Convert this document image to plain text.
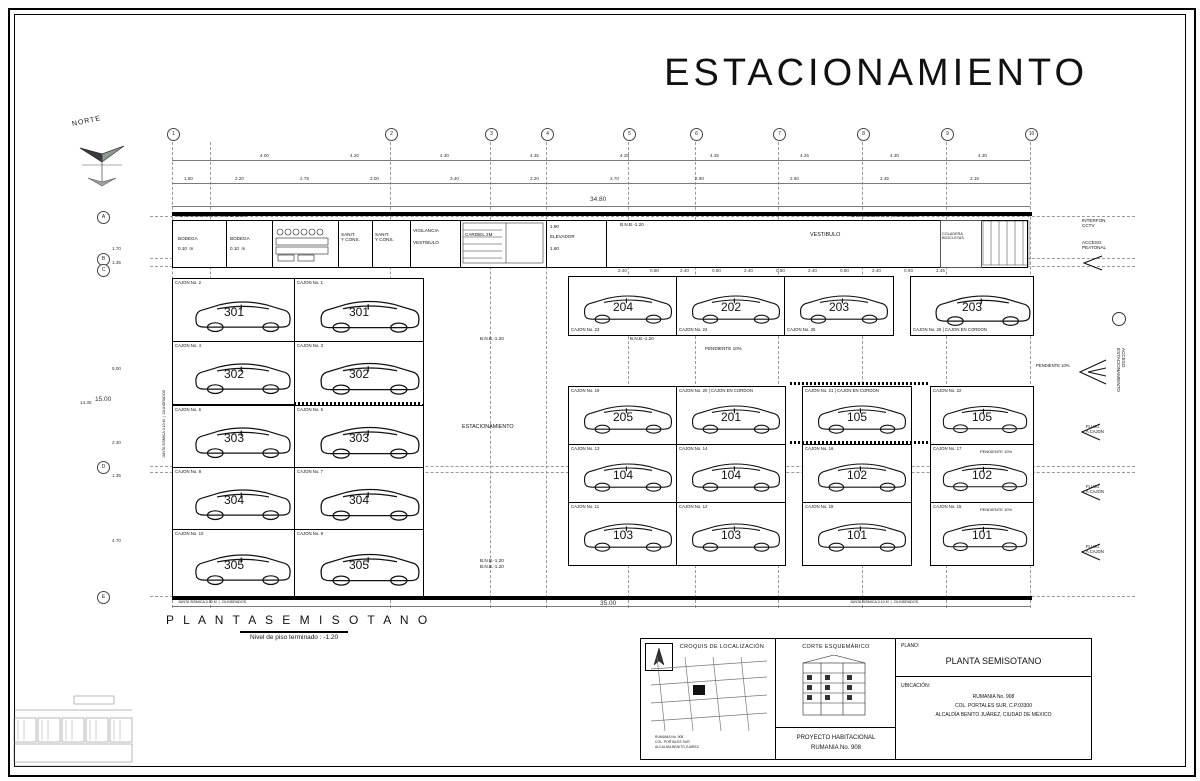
ESTACIONAMIENTO
NORTE
1	2	3	4	5	6	7	8	9	10
A
B
C
D
E
4.00	4.20	4.30	4.35	4.25	4.35	4.25	4.30	4.30
1.80	2.20	2.78	3.00	3.40	2.20	2.70	2.90	2.60	2.45	2.15
34.80
1.70
1.35
5.00
2.30
1.35
4.70
14.35 15.00
35.00
JUNTA SÍSMICA 0.10 M  |  CILINDRADOS	JUNTA SÍSMICA 0.10 M  |  CILINDRADOS
BODEGA
0.10  m
BODEGA
0.10  m
SANIT.
Y CONS.
SANIT.
Y CONS.
VIGILANCIA
VESTIBULO
CARDIEL 2M	ELEVADOR
1.90
1.60
VESTIBULO
B.N.B.-1.20
COLADERA
BICICLETAS
2.40	0.80	2.40	0.80	2.40	0.80	2.40	0.80	2.40	0.93	2.45
CAJON No. 2
301
CAJON No. 1
301
CAJON No. 4
302
CAJON No. 3
302
CAJON No. 6
303
CAJON No. 5
303
CAJON No. 8
304
CAJON No. 7
304
CAJON No. 10
305
CAJON No. 9
305
ESTACIONAMIENTO
B.N.B.-1.20
B.N.B.-1.20
B.N.B.-1.20
CAJON No. 23
204
CAJON No. 24
202
CAJON No. 25
203
CAJON No. 26 | CAJON EN CORDON
203
PENDIENTE 10%
CAJON No. 19
205
CAJON No. 20 | CAJON EN CORDON
201
CAJON No. 21 | CAJON EN CORDON
105
CAJON No. 22
105
CAJON No. 13
104
CAJON No. 14
104
CAJON No. 16
102
CAJON No. 17
102
PENDIENTE 10%
CAJON No. 11
103
CAJON No. 12
103
CAJON No. 18
101
CAJON No. 15
101
PENDIENTE 10%
JUNTA SÍSMICA 0.10 M  |  CILINDRADOS	JUNTA SÍSMICA 0.10 M  |  CILINDRADOS
JUNTA SÍSMICA 0.10 M  |  CILINDRADOS
B.N.B.-1.20
INTERFON
CCTV
ACCESO
PEATONAL
ACCESO
ESTACIONAMIENTO
PENDIENTE 10%
FLUJO
A CAJON
FLUJO
A CAJON
FLUJO
A CAJON
P L A N T A S E M I S O T A N O
Nivel de piso terminado : -1.20
CROQUIS DE LOCALIZACIÓN
RUMANIA No. 908
COL. PORTALES SUR
ALCALDÍA BENITO JUÁREZ
CORTE ESQUEMÁRICO
PROYECTO HABITACIONAL
RUMANIA No. 908
PLANO:
PLANTA SEMISOTANO
UBICACIÓN:
RUMANIA No. 908
COL. PORTALES SUR, C.P.03300
ALCALDÍA BENITO JUÁREZ, CIUDAD DE MÉXICO
